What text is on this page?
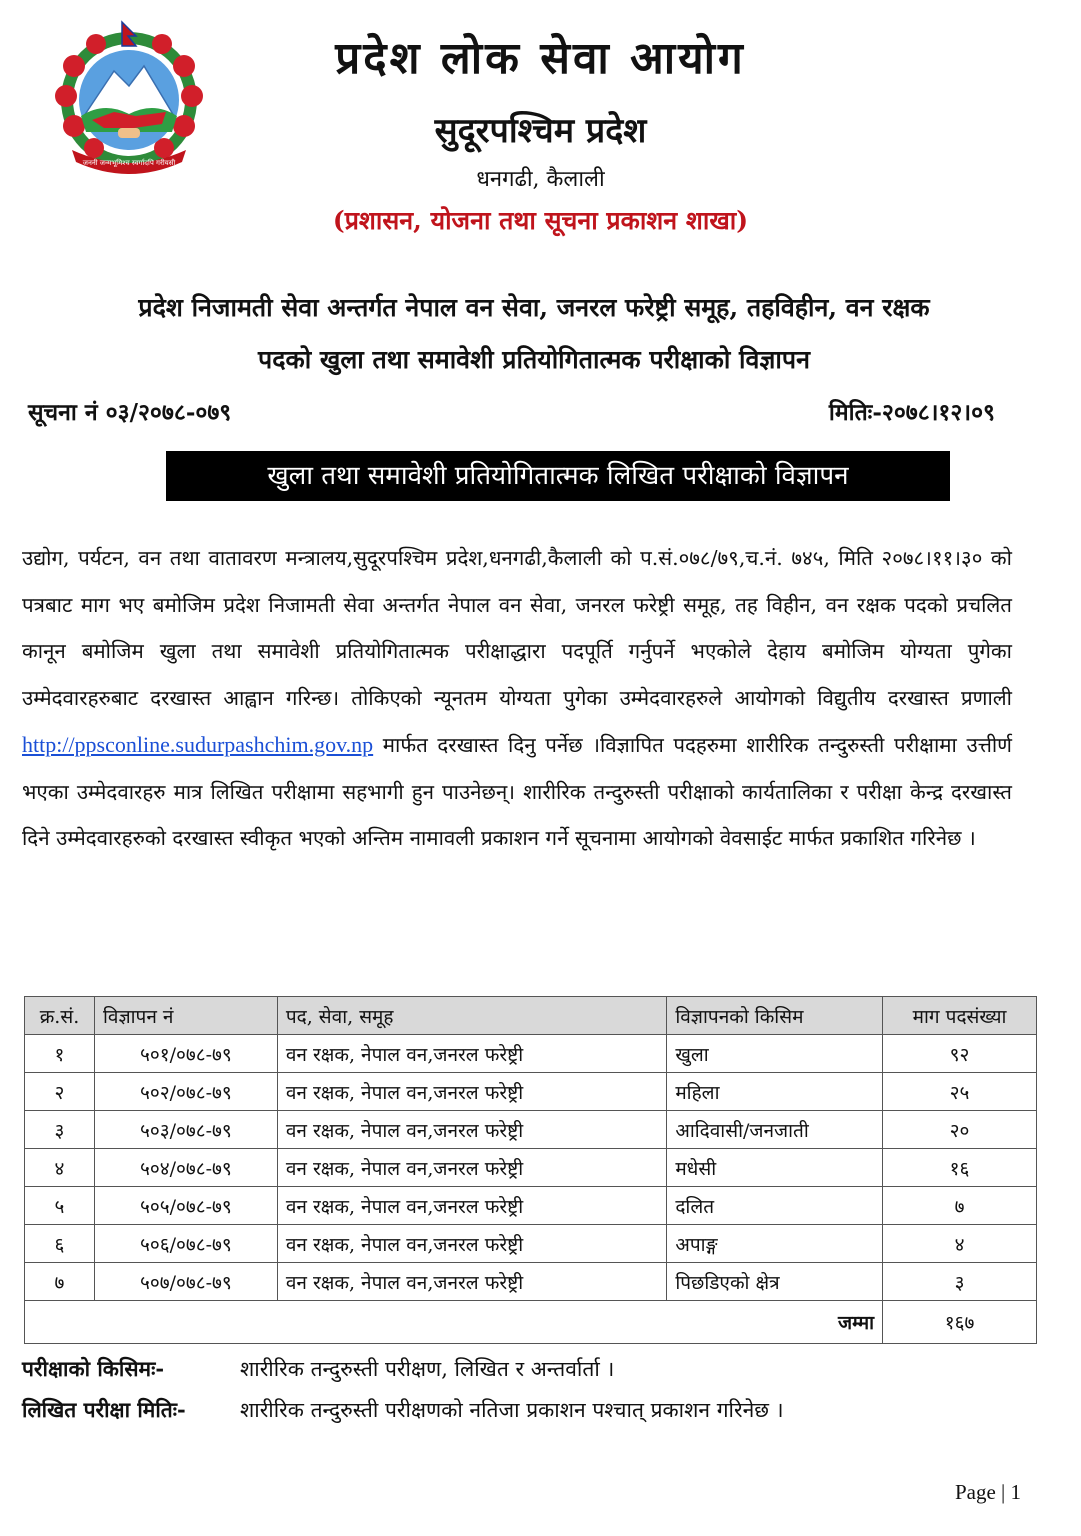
जननी जन्मभूमिश्च स्वर्गादपि गरीयसी
प्रदेश लोक सेवा आयोग
सुदूरपश्चिम प्रदेश
धनगढी, कैलाली
(प्रशासन, योजना तथा सूचना प्रकाशन शाखा)
प्रदेश निजामती सेवा अन्तर्गत नेपाल वन सेवा, जनरल फरेष्ट्री समूह, तहविहीन, वन रक्षक
पदको खुला तथा समावेशी प्रतियोगितात्मक परीक्षाको विज्ञापन
सूचना नं ०३/२०७८-०७९	मितिः-२०७८।१२।०९
खुला तथा समावेशी प्रतियोगितात्मक लिखित परीक्षाको विज्ञापन
उद्योग, पर्यटन, वन तथा वातावरण मन्त्रालय,सुदूरपश्चिम प्रदेश,धनगढी,कैलाली को प.सं.०७८/७९,च.नं. ७४५, मिति २०७८।११।३० को पत्रबाट माग भए बमोजिम प्रदेश निजामती सेवा अन्तर्गत नेपाल वन सेवा, जनरल फरेष्ट्री समूह, तह विहीन, वन रक्षक पदको प्रचलित कानून बमोजिम खुला तथा समावेशी प्रतियोगितात्मक परीक्षाद्धारा पदपूर्ति गर्नुपर्ने भएकोले देहाय बमोजिम योग्यता पुगेका उम्मेदवारहरुबाट दरखास्त आह्वान गरिन्छ। तोकिएको न्यूनतम योग्यता पुगेका उम्मेदवारहरुले आयोगको विद्युतीय दरखास्त प्रणाली http://ppsconline.sudurpashchim.gov.np मार्फत दरखास्त दिनु पर्नेछ ।विज्ञापित पदहरुमा शारीरिक तन्दुरुस्ती परीक्षामा उत्तीर्ण भएका उम्मेदवारहरु मात्र लिखित परीक्षामा सहभागी हुन पाउनेछन्। शारीरिक तन्दुरुस्ती परीक्षाको कार्यतालिका र परीक्षा केन्द्र दरखास्त दिने उम्मेदवारहरुको दरखास्त स्वीकृत भएको अन्तिम नामावली प्रकाशन गर्ने सूचनामा आयोगको वेवसाईट मार्फत प्रकाशित गरिनेछ ।
क्र.सं.	विज्ञापन नं	पद, सेवा, समूह	विज्ञापनको किसिम	माग पदसंख्या
१	५०१/०७८-७९	वन रक्षक, नेपाल वन,जनरल फरेष्ट्री	खुला	९२
२	५०२/०७८-७९	वन रक्षक, नेपाल वन,जनरल फरेष्ट्री	महिला	२५
३	५०३/०७८-७९	वन रक्षक, नेपाल वन,जनरल फरेष्ट्री	आदिवासी/जनजाती	२०
४	५०४/०७८-७९	वन रक्षक, नेपाल वन,जनरल फरेष्ट्री	मधेसी	१६
५	५०५/०७८-७९	वन रक्षक, नेपाल वन,जनरल फरेष्ट्री	दलित	७
६	५०६/०७८-७९	वन रक्षक, नेपाल वन,जनरल फरेष्ट्री	अपाङ्ग	४
७	५०७/०७८-७९	वन रक्षक, नेपाल वन,जनरल फरेष्ट्री	पिछडिएको क्षेत्र	३
जम्मा				१६७
परीक्षाको किसिमः-	शारीरिक तन्दुरुस्ती परीक्षण, लिखित र अन्तर्वार्ता ।
लिखित परीक्षा मितिः-	शारीरिक तन्दुरुस्ती परीक्षणको नतिजा प्रकाशन पश्चात् प्रकाशन गरिनेछ ।
Page | 1
